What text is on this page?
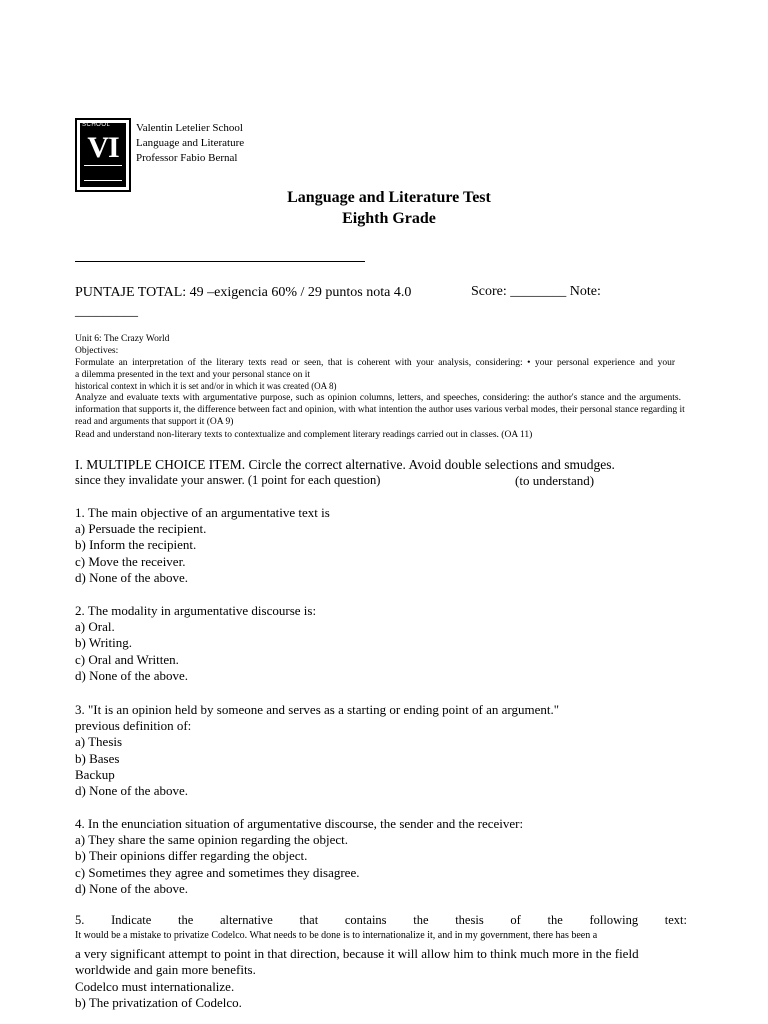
SCHOOL
VI
Valentin Letelier School
Language and Literature
Professor Fabio Bernal
Language and Literature Test
Eighth Grade
PUNTAJE TOTAL: 49 –exigencia 60% / 29 puntos nota 4.0	Score: ________ Note:
_________
Unit 6: The Crazy World
Objectives:
Formulate an interpretation of the literary texts read or seen, that is coherent with your analysis, considering: • your personal experience and your
a dilemma presented in the text and your personal stance on it
historical context in which it is set and/or in which it was created (OA 8)
Analyze and evaluate texts with argumentative purpose, such as opinion columns, letters, and speeches, considering: the author's stance and the arguments.
information that supports it, the difference between fact and opinion, with what intention the author uses various verbal modes, their personal stance regarding it
read and arguments that support it (OA 9)
Read and understand non-literary texts to contextualize and complement literary readings carried out in classes. (OA 11)
I. MULTIPLE CHOICE ITEM. Circle the correct alternative. Avoid double selections and smudges.
since they invalidate your answer. (1 point for each question)	(to understand)
1. The main objective of an argumentative text is
a) Persuade the recipient.
b) Inform the recipient.
c) Move the receiver.
d) None of the above.
2. The modality in argumentative discourse is:
a) Oral.
b) Writing.
c) Oral and Written.
d) None of the above.
3. "It is an opinion held by someone and serves as a starting or ending point of an argument."
previous definition of:
a) Thesis
b) Bases
Backup
d) None of the above.
4. In the enunciation situation of argumentative discourse, the sender and the receiver:
a) They share the same opinion regarding the object.
b) Their opinions differ regarding the object.
c) Sometimes they agree and sometimes they disagree.
d) None of the above.
5. Indicate the alternative that contains the thesis of the following text:
It would be a mistake to privatize Codelco. What needs to be done is to internationalize it, and in my government, there has been a
a very significant attempt to point in that direction, because it will allow him to think much more in the field
worldwide and gain more benefits.
Codelco must internationalize.
b) The privatization of Codelco.
